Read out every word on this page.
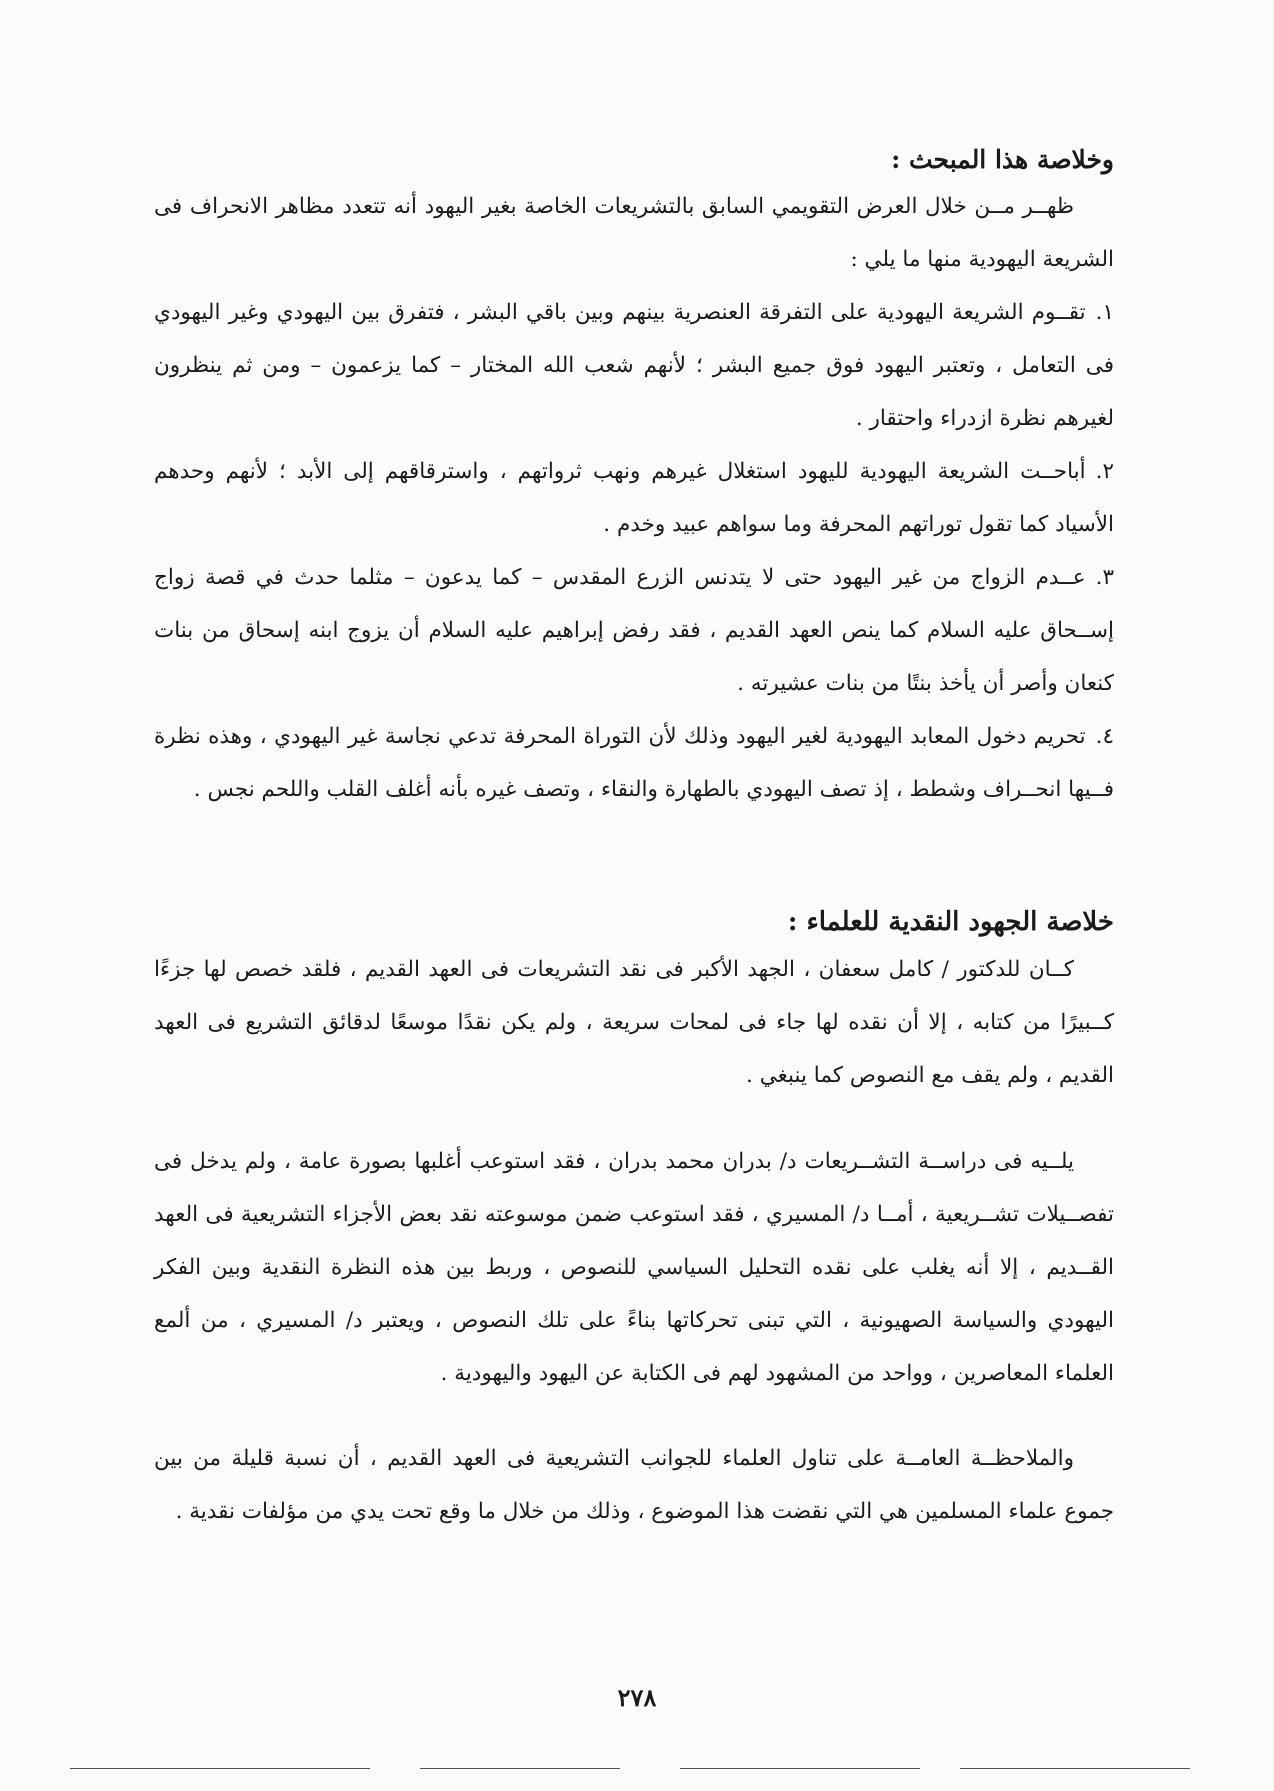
وخلاصة هذا المبحث :

ظهــر مــن خلال العرض التقويمي السابق بالتشريعات الخاصة بغير اليهود أنه تتعدد مظاهر الانحراف فى الشريعة اليهودية منها ما يلي :

١.تقــوم الشريعة اليهودية على التفرقة العنصرية بينهم وبين باقي البشر ، فتفرق بين اليهودي وغير اليهودي فى التعامل ، وتعتبر اليهود فوق جميع البشر ؛ لأنهم شعب الله المختار – كما يزعمون – ومن ثم ينظرون لغيرهم نظرة ازدراء واحتقار .
٢.أباحــت الشريعة اليهودية لليهود استغلال غيرهم ونهب ثرواتهم ، واسترقاقهم إلى الأبد ؛ لأنهم وحدهم الأسياد كما تقول توراتهم المحرفة وما سواهم عبيد وخدم .
٣.عــدم الزواج من غير اليهود حتى لا يتدنس الزرع المقدس – كما يدعون – مثلما حدث في قصة زواج إســحاق عليه السلام كما ينص العهد القديم ، فقد رفض إبراهيم عليه السلام أن يزوج ابنه إسحاق من بنات كنعان وأصر أن يأخذ بنتًا من بنات عشيرته .
٤.تحريم دخول المعابد اليهودية لغير اليهود وذلك لأن التوراة المحرفة تدعي نجاسة غير اليهودي ، وهذه نظرة فــيها انحــراف وشطط ، إذ تصف اليهودي بالطهارة والنقاء ، وتصف غيره بأنه أغلف القلب واللحم نجس .
خلاصة الجهود النقدية للعلماء :

كــان للدكتور / كامل سعفان ، الجهد الأكبر فى نقد التشريعات فى العهد القديم ، فلقد خصص لها جزءًا كــبيرًا من كتابه ، إلا أن نقده لها جاء فى لمحات سريعة ، ولم يكن نقدًا موسعًا لدقائق التشريع فى العهد القديم ، ولم يقف مع النصوص كما ينبغي .

يلــيه فى دراســة التشــريعات د/ بدران محمد بدران ، فقد استوعب أغلبها بصورة عامة ، ولم يدخل فى تفصــيلات تشــريعية ، أمــا د/ المسيري ، فقد استوعب ضمن موسوعته نقد بعض الأجزاء التشريعية فى العهد القــديم ، إلا أنه يغلب على نقده التحليل السياسي للنصوص ، وربط بين هذه النظرة النقدية وبين الفكر اليهودي والسياسة الصهيونية ، التي تبنى تحركاتها بناءً على تلك النصوص ، ويعتبر د/ المسيري ، من ألمع العلماء المعاصرين ، وواحد من المشهود لهم فى الكتابة عن اليهود واليهودية .

والملاحظــة العامــة على تناول العلماء للجوانب التشريعية فى العهد القديم ، أن نسبة قليلة من بين جموع علماء المسلمين هي التي نقضت هذا الموضوع ، وذلك من خلال ما وقع تحت يدي من مؤلفات نقدية .

٢٧٨
